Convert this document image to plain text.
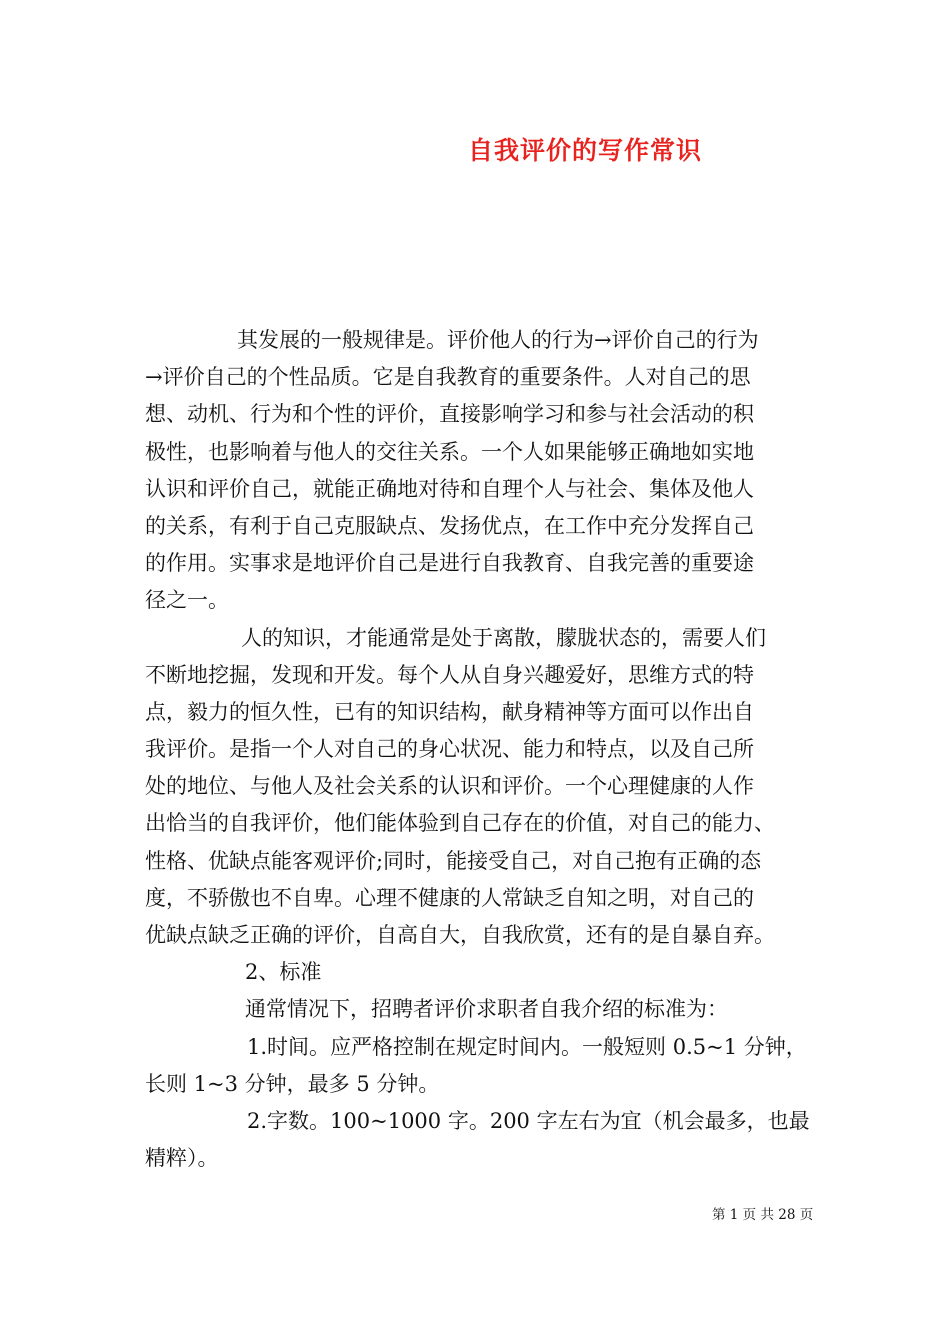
自我评价的写作常识
其发展的一般规律是。评价他人的行为→评价自己的行为
→评价自己的个性品质。它是自我教育的重要条件。人对自己的思
想、动机、行为和个性的评价，直接影响学习和参与社会活动的积
极性，也影响着与他人的交往关系。一个人如果能够正确地如实地
认识和评价自己，就能正确地对待和自理个人与社会、集体及他人
的关系，有利于自己克服缺点、发扬优点，在工作中充分发挥自己
的作用。实事求是地评价自己是进行自我教育、自我完善的重要途
径之一。
人的知识，才能通常是处于离散，朦胧状态的，需要人们
不断地挖掘，发现和开发。每个人从自身兴趣爱好，思维方式的特
点，毅力的恒久性，已有的知识结构，献身精神等方面可以作出自
我评价。是指一个人对自己的身心状况、能力和特点，以及自己所
处的地位、与他人及社会关系的认识和评价。一个心理健康的人作
出恰当的自我评价，他们能体验到自己存在的价值，对自己的能力、
性格、优缺点能客观评价;同时，能接受自己，对自己抱有正确的态
度，不骄傲也不自卑。心理不健康的人常缺乏自知之明，对自己的
优缺点缺乏正确的评价，自高自大，自我欣赏，还有的是自暴自弃。
2、标准
通常情况下，招聘者评价求职者自我介绍的标准为：
1.时间。应严格控制在规定时间内。一般短则 0.5~1 分钟，
长则 1~3 分钟，最多 5 分钟。
2.字数。100~1000 字。200 字左右为宜（机会最多，也最
精粹）。
第 1 页 共 28 页
